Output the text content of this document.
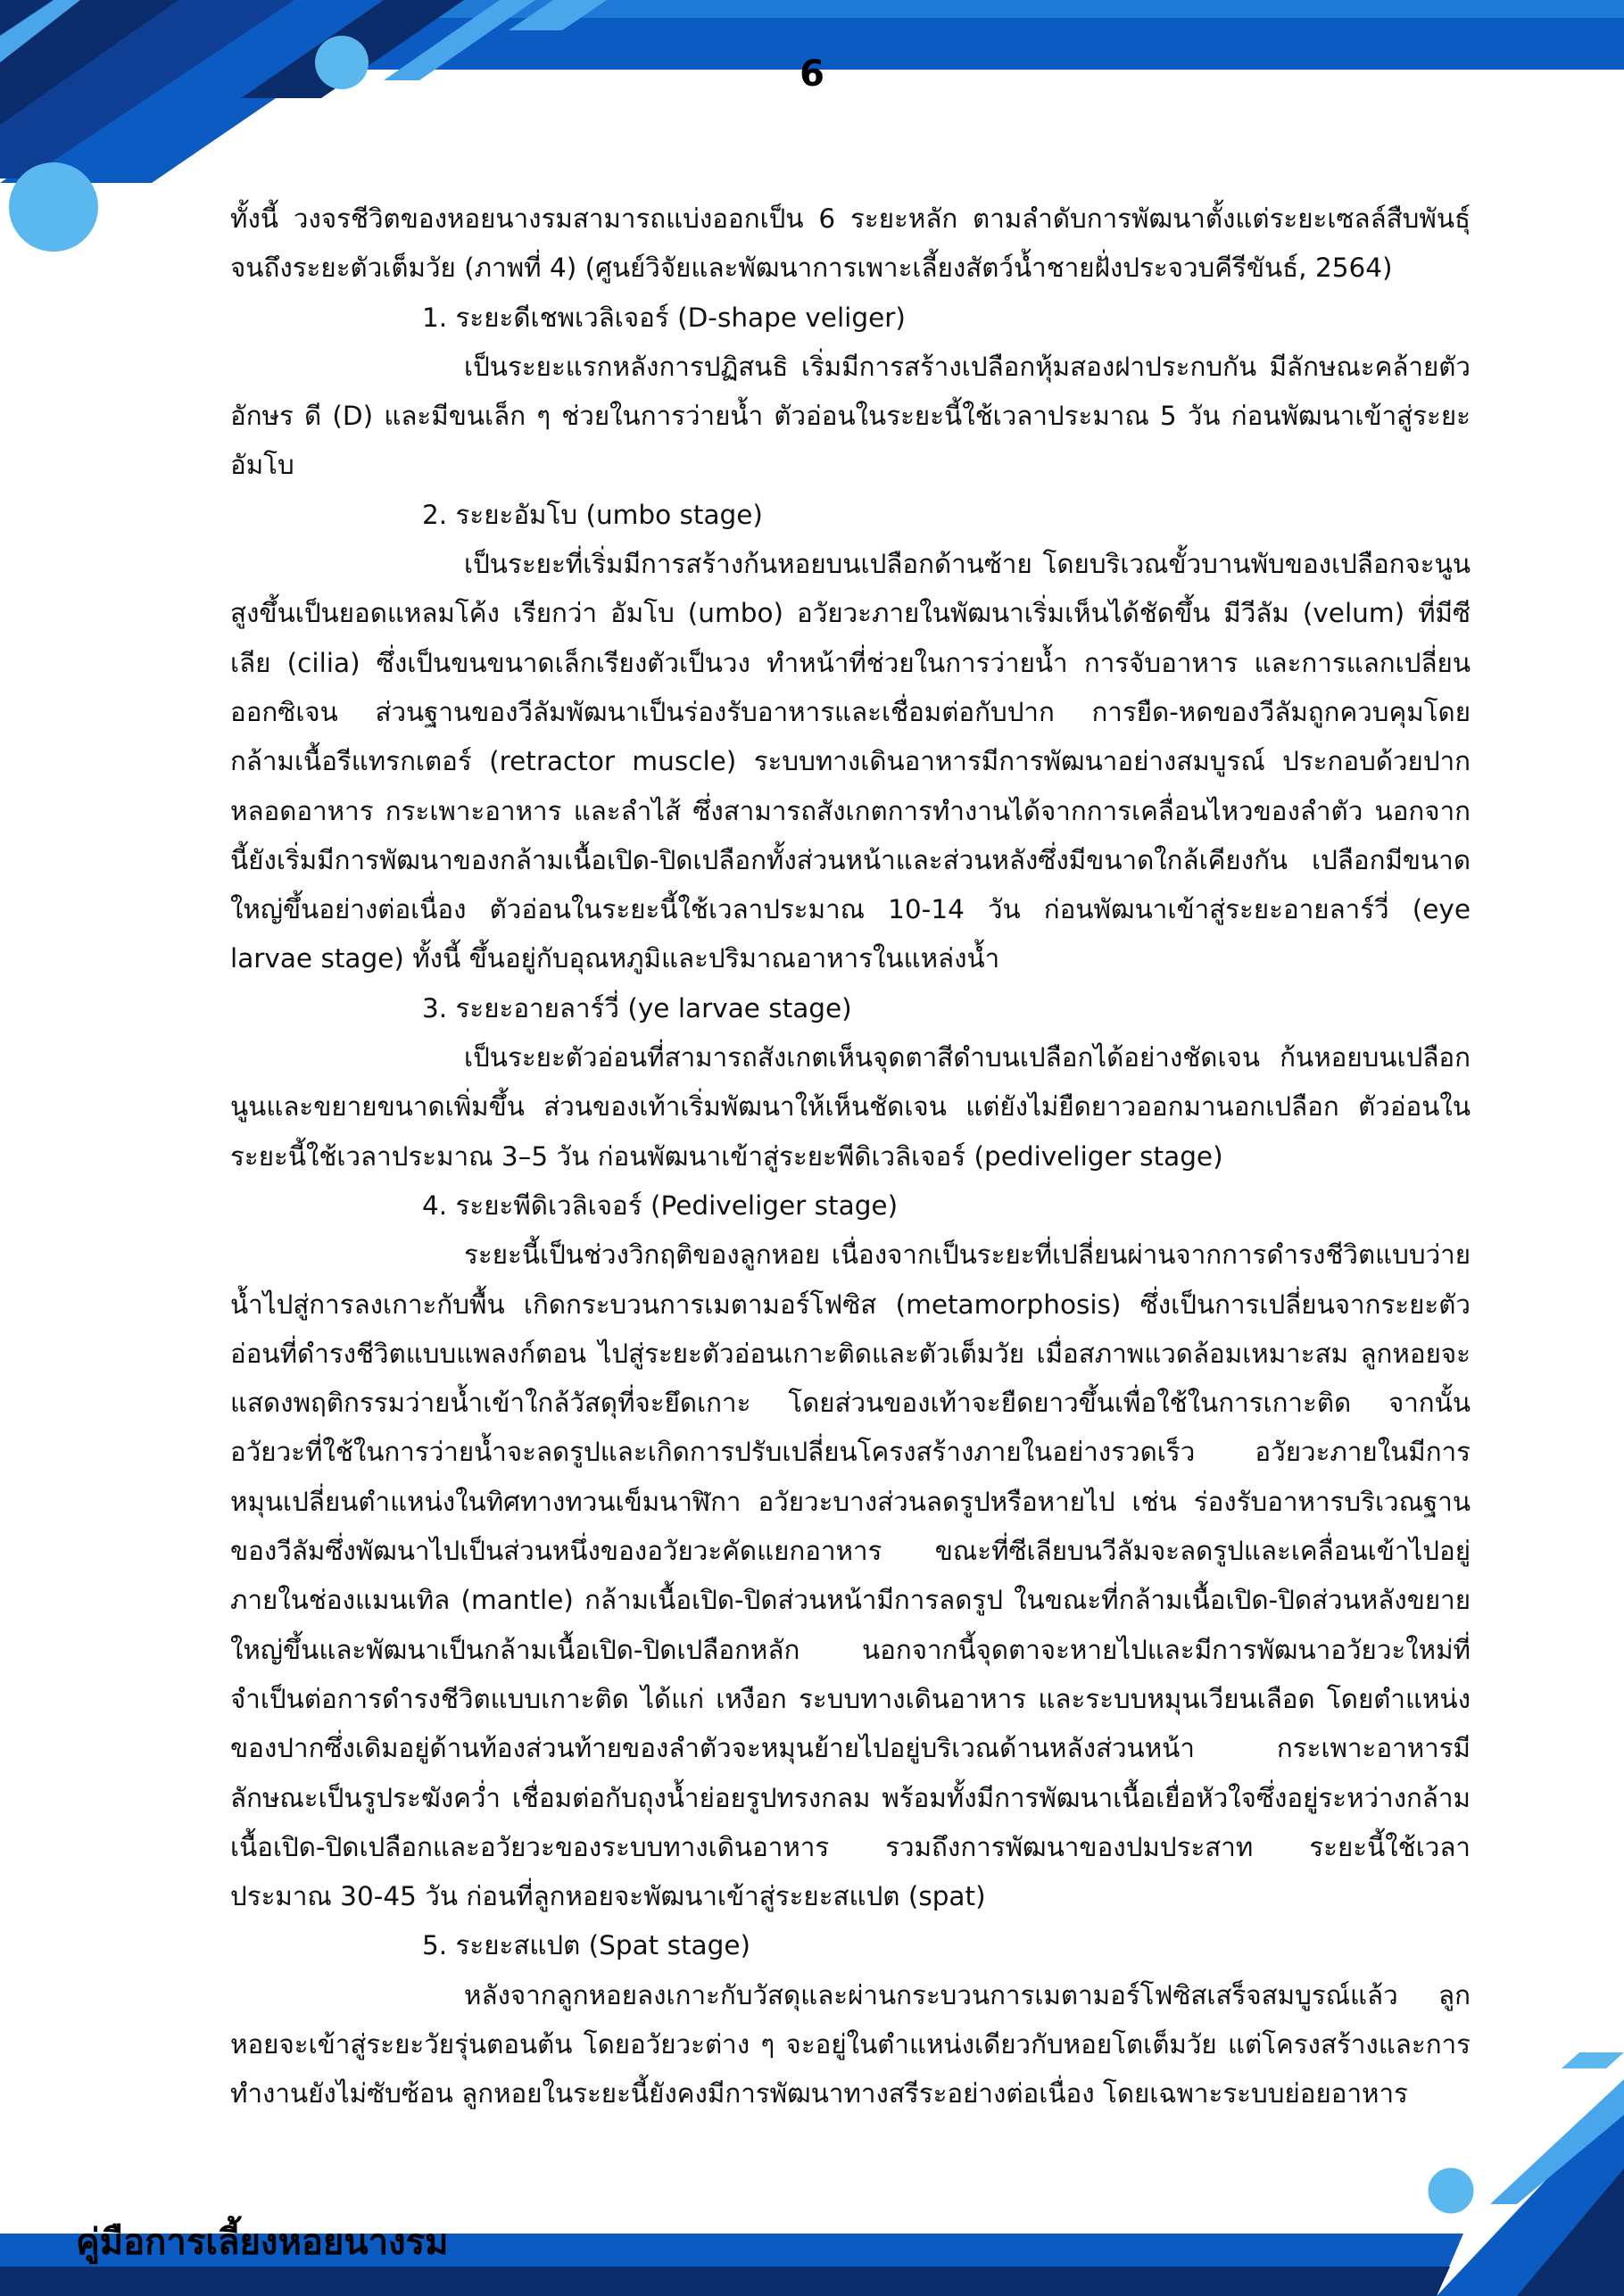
6

ทั้งนี้ วงจรชีวิตของหอยนางรมสามารถแบ่งออกเป็น 6 ระยะหลัก ตามลำดับการพัฒนาตั้งแต่ระยะเซลล์สืบพันธุ์จนถึงระยะตัวเต็มวัย (ภาพที่ 4) (ศูนย์วิจัยและพัฒนาการเพาะเลี้ยงสัตว์น้ำชายฝั่งประจวบคีรีขันธ์, 2564)

1. ระยะดีเชพเวลิเจอร์ (D-shape veliger)

เป็นระยะแรกหลังการปฏิสนธิ เริ่มมีการสร้างเปลือกหุ้มสองฝาประกบกัน มีลักษณะคล้ายตัวอักษร ดี (D) และมีขนเล็ก ๆ ช่วยในการว่ายน้ำ ตัวอ่อนในระยะนี้ใช้เวลาประมาณ 5 วัน ก่อนพัฒนาเข้าสู่ระยะอัมโบ

2. ระยะอัมโบ (umbo stage)

เป็นระยะที่เริ่มมีการสร้างก้นหอยบนเปลือกด้านซ้าย โดยบริเวณขั้วบานพับของเปลือกจะนูนสูงขึ้นเป็นยอดแหลมโค้ง เรียกว่า อัมโบ (umbo) อวัยวะภายในพัฒนาเริ่มเห็นได้ชัดขึ้น มีวีลัม (velum) ที่มีซีเลีย (cilia) ซึ่งเป็นขนขนาดเล็กเรียงตัวเป็นวง ทำหน้าที่ช่วยในการว่ายน้ำ การจับอาหาร และการแลกเปลี่ยนออกซิเจน ส่วนฐานของวีลัมพัฒนาเป็นร่องรับอาหารและเชื่อมต่อกับปาก การยืด-หดของวีลัมถูกควบคุมโดยกล้ามเนื้อรีแทรกเตอร์ (retractor muscle) ระบบทางเดินอาหารมีการพัฒนาอย่างสมบูรณ์ ประกอบด้วยปาก หลอดอาหาร กระเพาะอาหาร และลำไส้ ซึ่งสามารถสังเกตการทำงานได้จากการเคลื่อนไหวของลำตัว นอกจากนี้ยังเริ่มมีการพัฒนาของกล้ามเนื้อเปิด-ปิดเปลือกทั้งส่วนหน้าและส่วนหลังซึ่งมีขนาดใกล้เคียงกัน เปลือกมีขนาดใหญ่ขึ้นอย่างต่อเนื่อง ตัวอ่อนในระยะนี้ใช้เวลาประมาณ 10-14 วัน ก่อนพัฒนาเข้าสู่ระยะอายลาร์วี่ (eye larvae stage) ทั้งนี้ ขึ้นอยู่กับอุณหภูมิและปริมาณอาหารในแหล่งน้ำ

3. ระยะอายลาร์วี่ (ye larvae stage)

เป็นระยะตัวอ่อนที่สามารถสังเกตเห็นจุดตาสีดำบนเปลือกได้อย่างชัดเจน ก้นหอยบนเปลือกนูนและขยายขนาดเพิ่มขึ้น ส่วนของเท้าเริ่มพัฒนาให้เห็นชัดเจน แต่ยังไม่ยืดยาวออกมานอกเปลือก ตัวอ่อนในระยะนี้ใช้เวลาประมาณ 3–5 วัน ก่อนพัฒนาเข้าสู่ระยะพีดิเวลิเจอร์ (pediveliger stage)

4. ระยะพีดิเวลิเจอร์ (Pediveliger stage)

ระยะนี้เป็นช่วงวิกฤติของลูกหอย เนื่องจากเป็นระยะที่เปลี่ยนผ่านจากการดำรงชีวิตแบบว่ายน้ำไปสู่การลงเกาะกับพื้น เกิดกระบวนการเมตามอร์โฟซิส (metamorphosis) ซึ่งเป็นการเปลี่ยนจากระยะตัวอ่อนที่ดำรงชีวิตแบบแพลงก์ตอน ไปสู่ระยะตัวอ่อนเกาะติดและตัวเต็มวัย เมื่อสภาพแวดล้อมเหมาะสม ลูกหอยจะแสดงพฤติกรรมว่ายน้ำเข้าใกล้วัสดุที่จะยึดเกาะ โดยส่วนของเท้าจะยืดยาวขึ้นเพื่อใช้ในการเกาะติด จากนั้นอวัยวะที่ใช้ในการว่ายน้ำจะลดรูปและเกิดการปรับเปลี่ยนโครงสร้างภายในอย่างรวดเร็ว อวัยวะภายในมีการหมุนเปลี่ยนตำแหน่งในทิศทางทวนเข็มนาฬิกา อวัยวะบางส่วนลดรูปหรือหายไป เช่น ร่องรับอาหารบริเวณฐานของวีลัมซึ่งพัฒนาไปเป็นส่วนหนึ่งของอวัยวะคัดแยกอาหาร ขณะที่ซีเลียบนวีลัมจะลดรูปและเคลื่อนเข้าไปอยู่ภายในช่องแมนเทิล (mantle) กล้ามเนื้อเปิด-ปิดส่วนหน้ามีการลดรูป ในขณะที่กล้ามเนื้อเปิด-ปิดส่วนหลังขยายใหญ่ขึ้นและพัฒนาเป็นกล้ามเนื้อเปิด-ปิดเปลือกหลัก นอกจากนี้จุดตาจะหายไปและมีการพัฒนาอวัยวะใหม่ที่จำเป็นต่อการดำรงชีวิตแบบเกาะติด ได้แก่ เหงือก ระบบทางเดินอาหาร และระบบหมุนเวียนเลือด โดยตำแหน่งของปากซึ่งเดิมอยู่ด้านท้องส่วนท้ายของลำตัวจะหมุนย้ายไปอยู่บริเวณด้านหลังส่วนหน้า กระเพาะอาหารมีลักษณะเป็นรูประฆังคว่ำ เชื่อมต่อกับถุงน้ำย่อยรูปทรงกลม พร้อมทั้งมีการพัฒนาเนื้อเยื่อหัวใจซึ่งอยู่ระหว่างกล้ามเนื้อเปิด-ปิดเปลือกและอวัยวะของระบบทางเดินอาหาร รวมถึงการพัฒนาของปมประสาท ระยะนี้ใช้เวลาประมาณ 30-45 วัน ก่อนที่ลูกหอยจะพัฒนาเข้าสู่ระยะสแปต (spat)

5. ระยะสแปต (Spat stage)

หลังจากลูกหอยลงเกาะกับวัสดุและผ่านกระบวนการเมตามอร์โฟซิสเสร็จสมบูรณ์แล้ว ลูกหอยจะเข้าสู่ระยะวัยรุ่นตอนต้น โดยอวัยวะต่าง ๆ จะอยู่ในตำแหน่งเดียวกับหอยโตเต็มวัย แต่โครงสร้างและการทำงานยังไม่ซับซ้อน ลูกหอยในระยะนี้ยังคงมีการพัฒนาทางสรีระอย่างต่อเนื่อง โดยเฉพาะระบบย่อยอาหาร

คู่มือการเลี้ยงหอยนางรม
